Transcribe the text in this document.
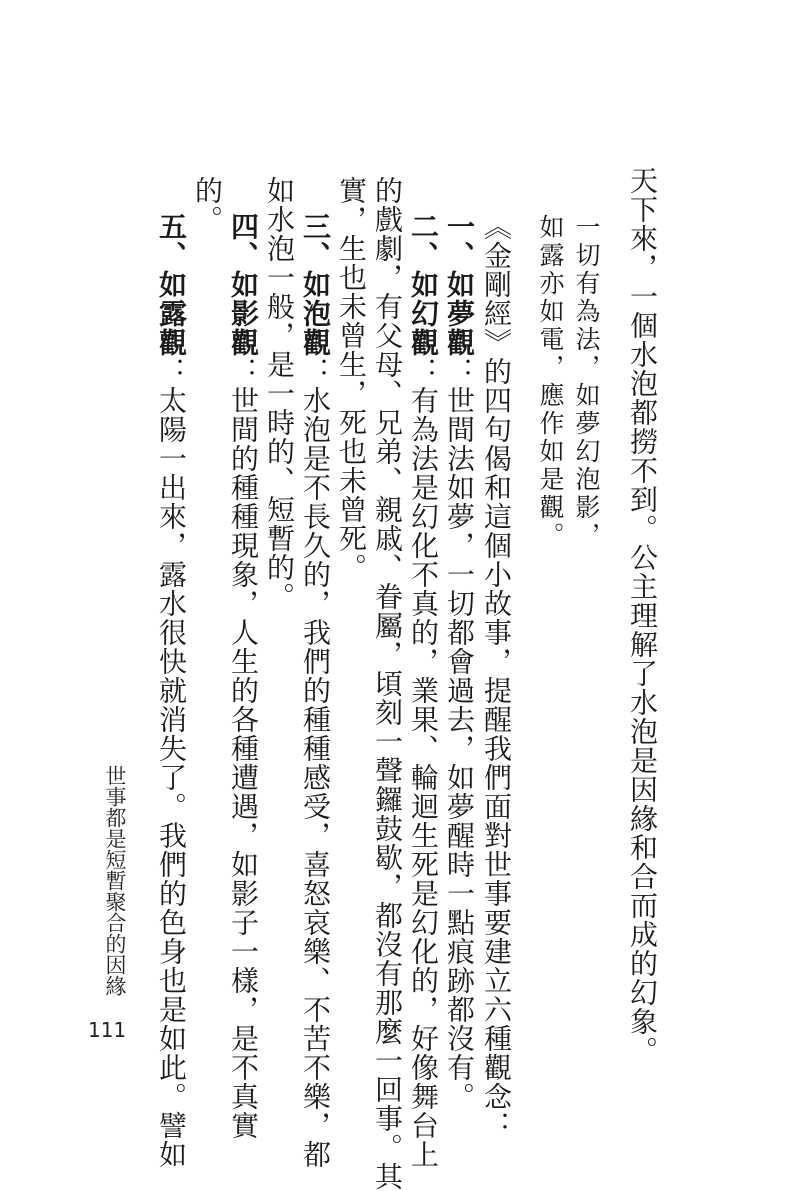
世事都是短暫聚合的因緣
111	天下來，一個水泡都撈不到。公主理解了水泡是因緣和合而成的幻象。
一切有為法，如夢幻泡影，
如露亦如電，應作如是觀。
《金剛經》的四句偈和這個小故事，提醒我們面對世事要建立六種觀念：
一、如夢觀：世間法如夢，一切都會過去，如夢醒時一點痕跡都沒有。
二、如幻觀：有為法是幻化不真的，業果、輪迴生死是幻化的，好像舞台上
的戲劇，有父母、兄弟、親戚、眷屬，頃刻一聲鑼鼓歇，都沒有那麼一回事。其
實，生也未曾生，死也未曾死。
三、如泡觀：水泡是不長久的，我們的種種感受，喜怒哀樂、不苦不樂，都
如水泡一般，是一時的、短暫的。
四、如影觀：世間的種種現象，人生的各種遭遇，如影子一樣，是不真實
的。
五、如露觀：太陽一出來，露水很快就消失了。我們的色身也是如此。譬如
